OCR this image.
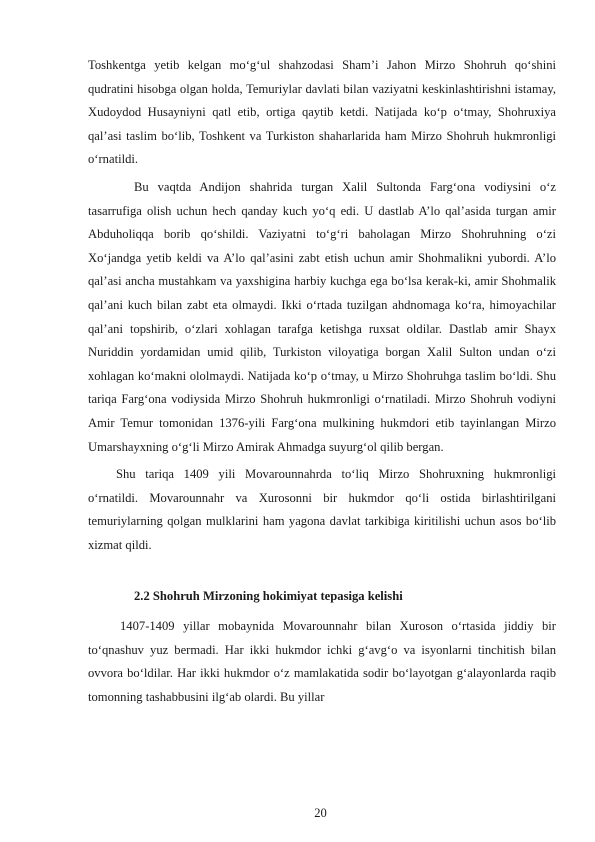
Toshkentga yetib kelgan mo‘g‘ul shahzodasi Sham’i Jahon Mirzo Shohruh qo‘shini qudratini hisobga olgan holda, Temuriylar davlati bilan vaziyatni keskinlashtirishni istamay, Xudoydod Husayniyni qatl etib, ortiga qaytib ketdi. Natijada ko‘p o‘tmay, Shohruxiya qal’asi taslim bo‘lib, Toshkent va Turkiston shaharlarida ham Mirzo Shohruh hukmronligi o‘rnatildi.

Bu vaqtda Andijon shahrida turgan Xalil Sultonda Farg‘ona vodiysini o‘z tasarrufiga olish uchun hech qanday kuch yo‘q edi. U dastlab A’lo qal’asida turgan amir Abduholiqqa borib qo‘shildi. Vaziyatni to‘g‘ri baholagan Mirzo Shohruhning o‘zi Xo‘jandga yetib keldi va A’lo qal’asini zabt etish uchun amir Shohmalikni yubordi. A’lo qal’asi ancha mustahkam va yaxshigina harbiy kuchga ega bo‘lsa kerak-ki, amir Shohmalik qal’ani kuch bilan zabt eta olmaydi. Ikki o‘rtada tuzilgan ahdnomaga ko‘ra, himoyachilar qal’ani topshirib, o‘zlari xohlagan tarafga ketishga ruxsat oldilar. Dastlab amir Shayx Nuriddin yordamidan umid qilib, Turkiston viloyatiga borgan Xalil Sulton undan o‘zi xohlagan ko‘makni ololmaydi. Natijada ko‘p o‘tmay, u Mirzo Shohruhga taslim bo‘ldi. Shu tariqa Farg‘ona vodiysida Mirzo Shohruh hukmronligi o‘rnatiladi. Mirzo Shohruh vodiyni Amir Temur tomonidan 1376-yili Farg‘ona mulkining hukmdori etib tayinlangan Mirzo Umarshayxning o‘g‘li Mirzo Amirak Ahmadga suyurg‘ol qilib bergan.

Shu tariqa 1409 yili Movarounnahrda to‘liq Mirzo Shohruxning hukmronligi o‘rnatildi. Movarounnahr va Xurosonni bir hukmdor qo‘li ostida birlashtirilgani temuriylarning qolgan mulklarini ham yagona davlat tarkibiga kiritilishi uchun asos bo‘lib xizmat qildi.

2.2 Shohruh Mirzoning hokimiyat tepasiga kelishi

1407-1409 yillar mobaynida Movarounnahr bilan Xuroson o‘rtasida jiddiy bir to‘qnashuv yuz bermadi. Har ikki hukmdor ichki g‘avg‘o va isyonlarni tinchitish bilan ovvora bo‘ldilar. Har ikki hukmdor o‘z mamlakatida sodir bo‘layotgan g‘alayonlarda raqib tomonning tashabbusini ilg‘ab olardi. Bu yillar

20
